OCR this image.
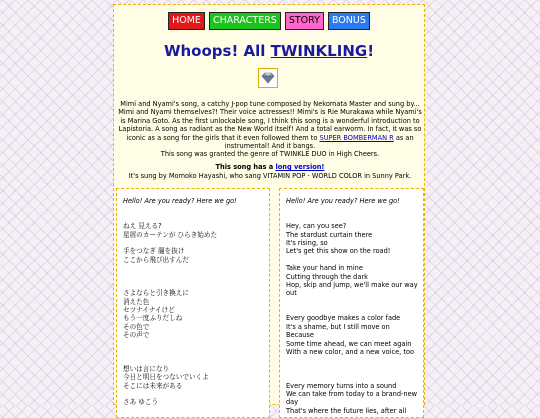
HOME CHARACTERS STORY BONUS
Whoops! All TWINKLING!
Mimi and Nyami's song, a catchy J-pop tune composed by Nekomata Master and sung by... Mimi and Nyami themselves?! Their voice actresses!! Mimi's is Rie Murakawa while Nyami's is Marina Goto. As the first unlockable song, I think this song is a wonderful introduction to Lapistoria. A song as radiant as the New World itself! And a total earworm. In fact, it was so iconic as a song for the girls that it even followed them to SUPER BOMBERMAN R as an instrumental! And it bangs.
This song was granted the genre of TWINKLE DUO in High Cheers.
This song has a long version!
It's sung by Momoko Hayashi, who sang VITAMIN POP - WORLD COLOR in Sunny Park.
Hello! Are you ready? Here we go!
ねえ 見える?
星屑のカーテンが ひらき始めた
手をつなぎ 闇を抜け
ここから飛び出すんだ
さよならと引き換えに
消えた色
セツナイナイけど
もう一度ふりだしね
その色で
その声で
想いは言になり
今日と明日をつないでいくよ
そこには未来がある
さあ ゆこう
Hello! Are you ready? Here we go!
Hey, can you see?
The stardust curtain there
It's rising, so
Let's get this show on the road!
Take your hand in mine
Cutting through the dark
Hop, skip and jump, we'll make our way
out
Every goodbye makes a color fade
It's a shame, but I still move on
Because
Some time ahead, we can meet again
With a new color, and a new voice, too
Every memory turns into a sound
We can take from today to a brand-new
day
That's where the future lies, after all
